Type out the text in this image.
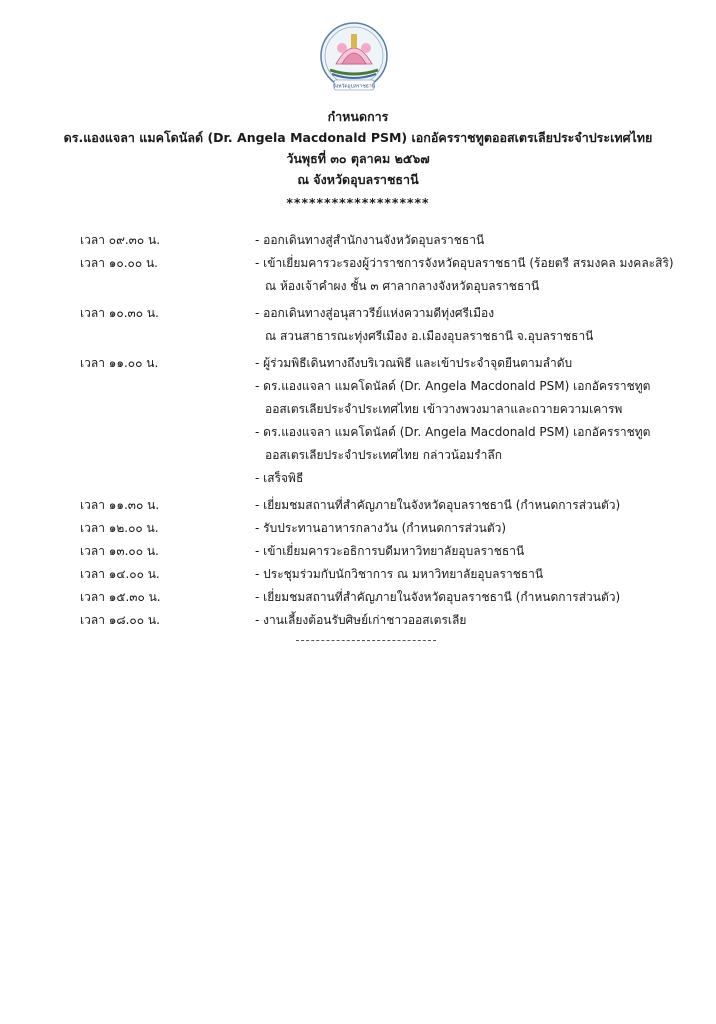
จังหวัดอุบลราชธานี
กำหนดการ
ดร.แองแจลา แมคโดนัลด์ (Dr. Angela Macdonald PSM) เอกอัครราชทูตออสเตรเลียประจำประเทศไทย
วันพุธที่ ๓๐ ตุลาคม ๒๕๖๗
ณ จังหวัดอุบลราชธานี
*******************
เวลา ๐๙.๓๐ น.	- ออกเดินทางสู่สำนักงานจังหวัดอุบลราชธานี
เวลา ๑๐.๐๐ น.	- เข้าเยี่ยมคารวะรองผู้ว่าราชการจังหวัดอุบลราชธานี (ร้อยตรี สรมงคล มงคละสิริ)
ณ ห้องเจ้าคำผง ชั้น ๓ ศาลากลางจังหวัดอุบลราชธานี
เวลา ๑๐.๓๐ น.	- ออกเดินทางสู่อนุสาวรีย์แห่งความดีทุ่งศรีเมือง
ณ สวนสาธารณะทุ่งศรีเมือง อ.เมืองอุบลราชธานี จ.อุบลราชธานี
เวลา ๑๑.๐๐ น.	- ผู้ร่วมพิธีเดินทางถึงบริเวณพิธี และเข้าประจำจุดยืนตามลำดับ
- ดร.แองแจลา แมคโดนัลด์ (Dr. Angela Macdonald PSM) เอกอัครราชทูต
ออสเตรเลียประจำประเทศไทย เข้าวางพวงมาลาและถวายความเคารพ
- ดร.แองแจลา แมคโดนัลด์ (Dr. Angela Macdonald PSM) เอกอัครราชทูต
ออสเตรเลียประจำประเทศไทย กล่าวน้อมรำลึก
- เสร็จพิธี
เวลา ๑๑.๓๐ น.	- เยี่ยมชมสถานที่สำคัญภายในจังหวัดอุบลราชธานี (กำหนดการส่วนตัว)
เวลา ๑๒.๐๐ น.	- รับประทานอาหารกลางวัน (กำหนดการส่วนตัว)
เวลา ๑๓.๐๐ น.	- เข้าเยี่ยมคารวะอธิการบดีมหาวิทยาลัยอุบลราชธานี
เวลา ๑๔.๐๐ น.	- ประชุมร่วมกับนักวิชาการ ณ มหาวิทยาลัยอุบลราชธานี
เวลา ๑๕.๓๐ น.	- เยี่ยมชมสถานที่สำคัญภายในจังหวัดอุบลราชธานี (กำหนดการส่วนตัว)
เวลา ๑๘.๐๐ น.	- งานเลี้ยงต้อนรับศิษย์เก่าชาวออสเตรเลีย
